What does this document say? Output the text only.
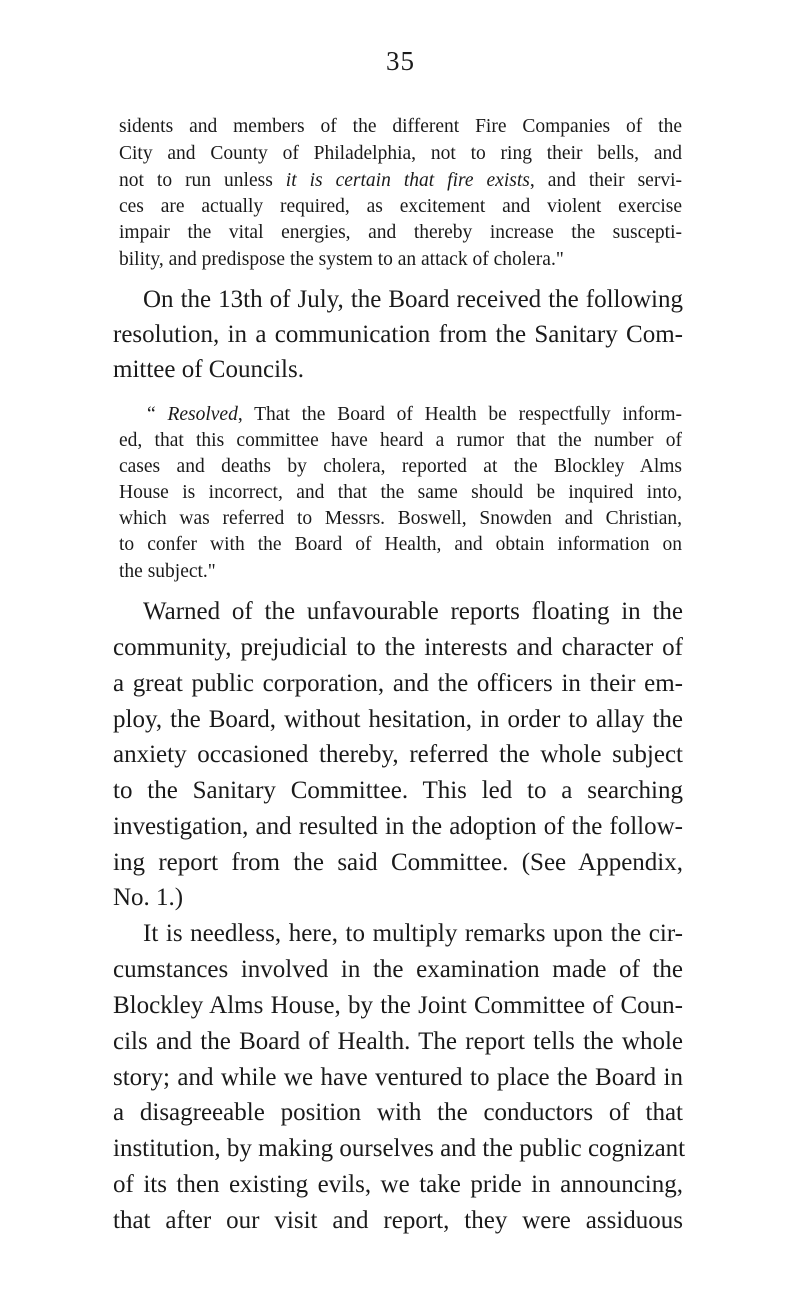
35

sidents and members of the different Fire Companies of the

City and County of Philadelphia, not to ring their bells, and

not to run unless it is certain that fire exists, and their servi-

ces are actually required, as excitement and violent exercise

impair the vital energies, and thereby increase the suscepti-

bility, and predispose the system to an attack of cholera."

On the 13th of July, the Board received the following

resolution, in a communication from the Sanitary Com-

mittee of Councils.

“ Resolved, That the Board of Health be respectfully inform-

ed, that this committee have heard a rumor that the number of

cases and deaths by cholera, reported at the Blockley Alms

House is incorrect, and that the same should be inquired into,

which was referred to Messrs. Boswell, Snowden and Christian,

to confer with the Board of Health, and obtain information on

the subject."

Warned of the unfavourable reports floating in the

community, prejudicial to the interests and character of

a great public corporation, and the officers in their em-

ploy, the Board, without hesitation, in order to allay the

anxiety occasioned thereby, referred the whole subject

to the Sanitary Committee. This led to a searching

investigation, and resulted in the adoption of the follow-

ing report from the said Committee. (See Appendix,

No. 1.)

It is needless, here, to multiply remarks upon the cir-

cumstances involved in the examination made of the

Blockley Alms House, by the Joint Committee of Coun-

cils and the Board of Health. The report tells the whole

story; and while we have ventured to place the Board in

a disagreeable position with the conductors of that

institution, by making ourselves and the public cognizant

of its then existing evils, we take pride in announcing,

that after our visit and report, they were assiduous
